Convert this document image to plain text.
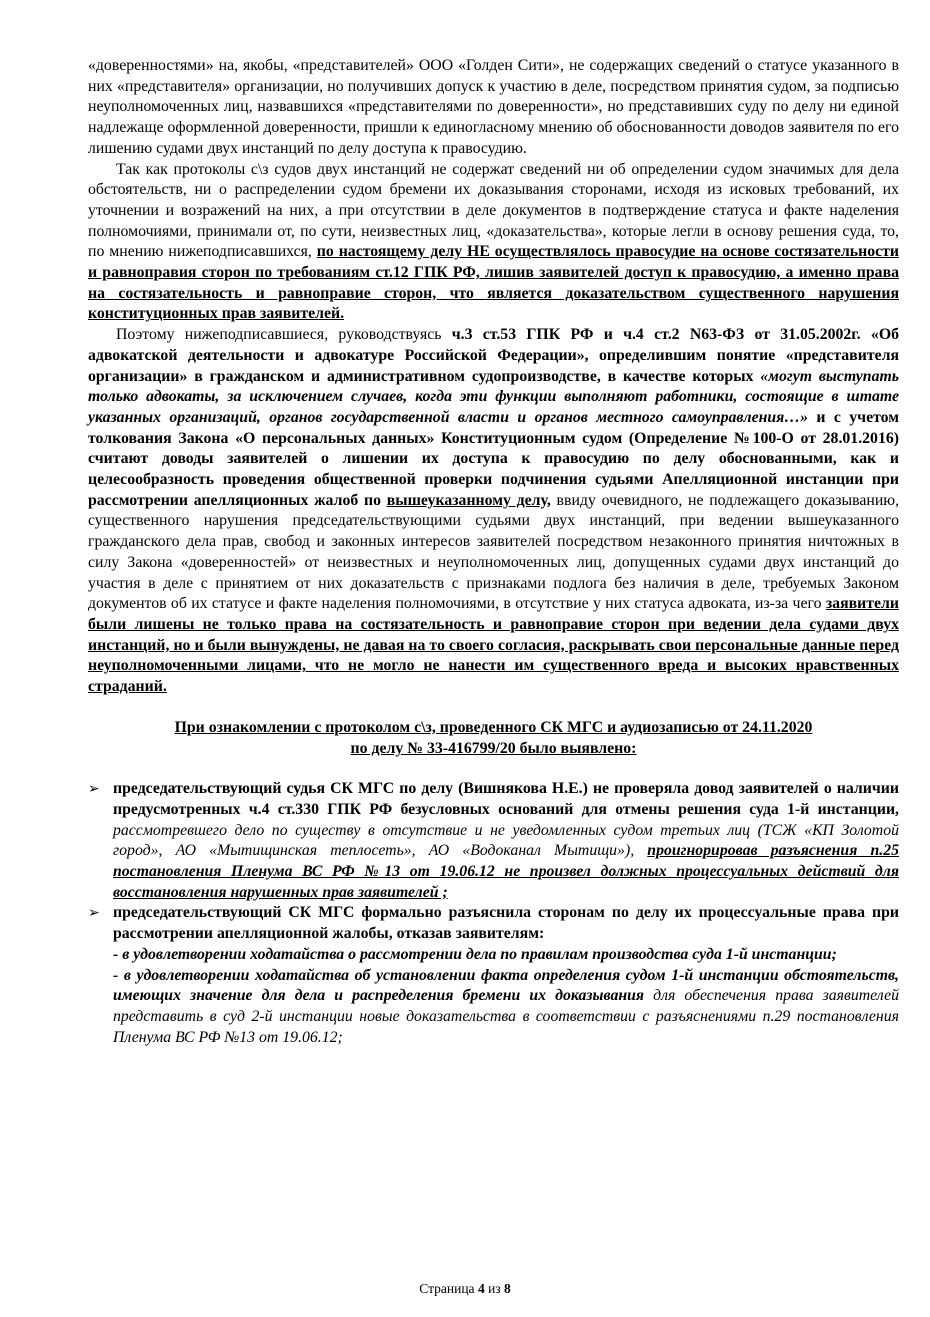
«доверенностями» на, якобы, «представителей» ООО «Голден Сити», не содержащих сведений о статусе указанного в них «представителя» организации, но получивших допуск к участию в деле, посредством принятия судом, за подписью неуполномоченных лиц, назвавшихся «представителями по доверенности», но представивших суду по делу ни единой надлежаще оформленной доверенности, пришли к единогласному мнению об обоснованности доводов заявителя по его лишению судами двух инстанций по делу доступа к правосудию.

Так как протоколы с\з судов двух инстанций не содержат сведений ни об определении судом значимых для дела обстоятельств, ни о распределении судом бремени их доказывания сторонами, исходя из исковых требований, их уточнении и возражений на них, а при отсутствии в деле документов в подтверждение статуса и факте наделения полномочиями, принимали от, по сути, неизвестных лиц, «доказательства», которые легли в основу решения суда, то, по мнению нижеподписавшихся, по настоящему делу НЕ осуществлялось правосудие на основе состязательности и равноправия сторон по требованиям ст.12 ГПК РФ, лишив заявителей доступ к правосудию, а именно права на состязательность и равноправие сторон, что является доказательством существенного нарушения конституционных прав заявителей.

Поэтому нижеподписавшиеся, руководствуясь ч.3 ст.53 ГПК РФ и ч.4 ст.2 N63-ФЗ от 31.05.2002г. «Об адвокатской деятельности и адвокатуре Российской Федерации», определившим понятие «представителя организации» в гражданском и административном судопроизводстве, в качестве которых «могут выступать только адвокаты, за исключением случаев, когда эти функции выполняют работники, состоящие в штате указанных организаций, органов государственной власти и органов местного самоуправления…» и с учетом толкования Закона «О персональных данных» Конституционным судом (Определение №100-О от 28.01.2016) считают доводы заявителей о лишении их доступа к правосудию по делу обоснованными, как и целесообразность проведения общественной проверки подчинения судьями Апелляционной инстанции при рассмотрении апелляционных жалоб по вышеуказанному делу, ввиду очевидного, не подлежащего доказыванию, существенного нарушения председательствующими судьями двух инстанций, при ведении вышеуказанного гражданского дела прав, свобод и законных интересов заявителей посредством незаконного принятия ничтожных в силу Закона «доверенностей» от неизвестных и неуполномоченных лиц, допущенных судами двух инстанций до участия в деле с принятием от них доказательств с признаками подлога без наличия в деле, требуемых Законом документов об их статусе и факте наделения полномочиями, в отсутствие у них статуса адвоката, из-за чего заявители были лишены не только права на состязательность и равноправие сторон при ведении дела судами двух инстанций, но и были вынуждены, не давая на то своего согласия, раскрывать свои персональные данные перед неуполномоченными лицами, что не могло не нанести им существенного вреда и высоких нравственных страданий.

При ознакомлении с протоколом с\з, проведенного СК МГС и аудиозаписью от 24.11.2020
по делу № 33-416799/20 было выявлено:
➢ председательствующий судья СК МГС по делу (Вишнякова Н.Е.) не проверяла довод заявителей о наличии предусмотренных ч.4 ст.330 ГПК РФ безусловных оснований для отмены решения суда 1-й инстанции, рассмотревшего дело по существу в отсутствие и не уведомленных судом третьих лиц (ТСЖ «КП Золотой город», АО «Мытищинская теплосеть», АО «Водоканал Мытищи»), проигнорировав разъяснения п.25 постановления Пленума ВС РФ №13 от 19.06.12 не произвел должных процессуальных действий для восстановления нарушенных прав заявителей ;
➢ председательствующий СК МГС формально разъяснила сторонам по делу их процессуальные права при рассмотрении апелляционной жалобы, отказав заявителям:
- в удовлетворении ходатайства о рассмотрении дела по правилам производства суда 1-й инстанции;
- в удовлетворении ходатайства об установлении факта определения судом 1-й инстанции обстоятельств, имеющих значение для дела и распределения бремени их доказывания для обеспечения права заявителей представить в суд 2-й инстанции новые доказательства в соответствии с разъяснениями п.29 постановления Пленума ВС РФ №13 от 19.06.12;
Страница 4 из 8
